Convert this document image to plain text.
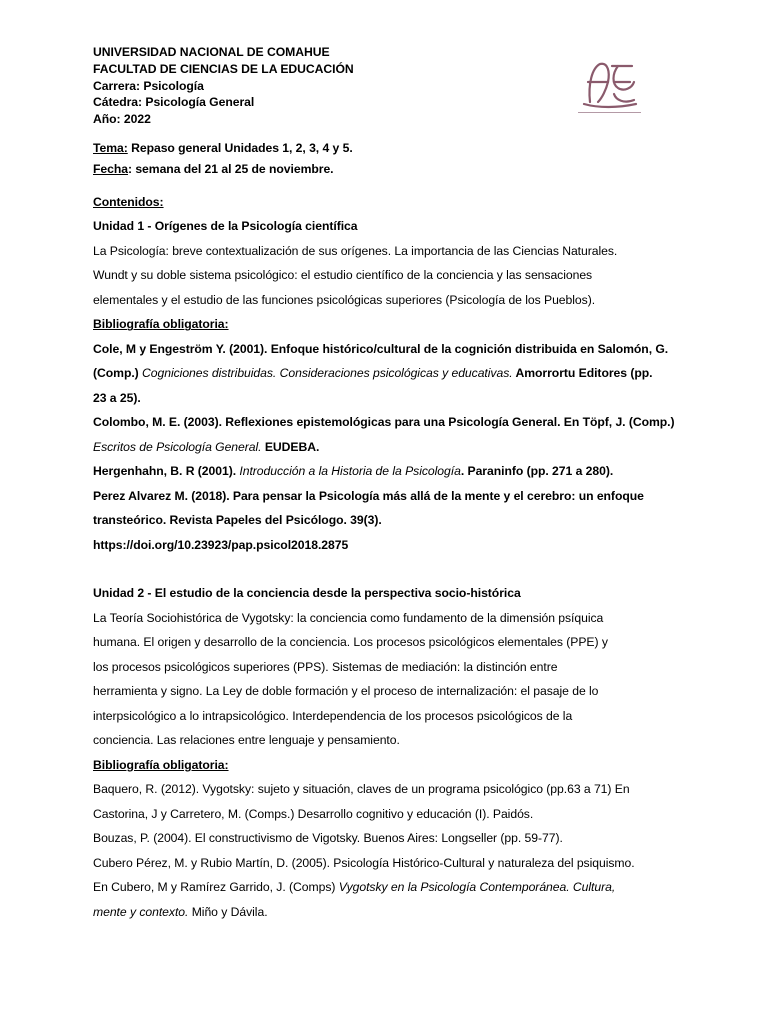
UNIVERSIDAD NACIONAL DE COMAHUE
FACULTAD DE CIENCIAS DE LA EDUCACIÓN
Carrera: Psicología
Cátedra: Psicología General
Año: 2022
Tema: Repaso general Unidades 1, 2, 3, 4 y 5.
Fecha: semana del 21 al 25 de noviembre.
Contenidos:
Unidad 1 - Orígenes de la Psicología científica
La Psicología: breve contextualización de sus orígenes. La importancia de las Ciencias Naturales.
Wundt y su doble sistema psicológico: el estudio científico de la conciencia y las sensaciones
elementales y el estudio de las funciones psicológicas superiores (Psicología de los Pueblos).
Bibliografía obligatoria:
Cole, M y Engeström Y. (2001). Enfoque histórico/cultural de la cognición distribuida en Salomón, G.
(Comp.) Cogniciones distribuidas. Consideraciones psicológicas y educativas. Amorrortu Editores (pp.
23 a 25).
Colombo, M. E. (2003). Reflexiones epistemológicas para una Psicología General. En Töpf, J. (Comp.)
Escritos de Psicología General. EUDEBA.
Hergenhahn, B. R (2001). Introducción a la Historia de la Psicología. Paraninfo (pp. 271 a 280).
Perez Alvarez M. (2018). Para pensar la Psicología más allá de la mente y el cerebro: un enfoque
transteórico. Revista Papeles del Psicólogo. 39(3).
https://doi.org/10.23923/pap.psicol2018.2875
Unidad 2 - El estudio de la conciencia desde la perspectiva socio-histórica
La Teoría Sociohistórica de Vygotsky: la conciencia como fundamento de la dimensión psíquica
humana. El origen y desarrollo de la conciencia. Los procesos psicológicos elementales (PPE) y
los procesos psicológicos superiores (PPS). Sistemas de mediación: la distinción entre
herramienta y signo. La Ley de doble formación y el proceso de internalización: el pasaje de lo
interpsicológico a lo intrapsicológico. Interdependencia de los procesos psicológicos de la
conciencia. Las relaciones entre lenguaje y pensamiento.
Bibliografía obligatoria:
Baquero, R. (2012). Vygotsky: sujeto y situación, claves de un programa psicológico (pp.63 a 71) En
Castorina, J y Carretero, M. (Comps.) Desarrollo cognitivo y educación (I). Paidós.
Bouzas, P. (2004). El constructivismo de Vigotsky. Buenos Aires: Longseller (pp. 59-77).
Cubero Pérez, M. y Rubio Martín, D. (2005). Psicología Histórico-Cultural y naturaleza del psiquismo.
En Cubero, M y Ramírez Garrido, J. (Comps) Vygotsky en la Psicología Contemporánea. Cultura,
mente y contexto. Miño y Dávila.
